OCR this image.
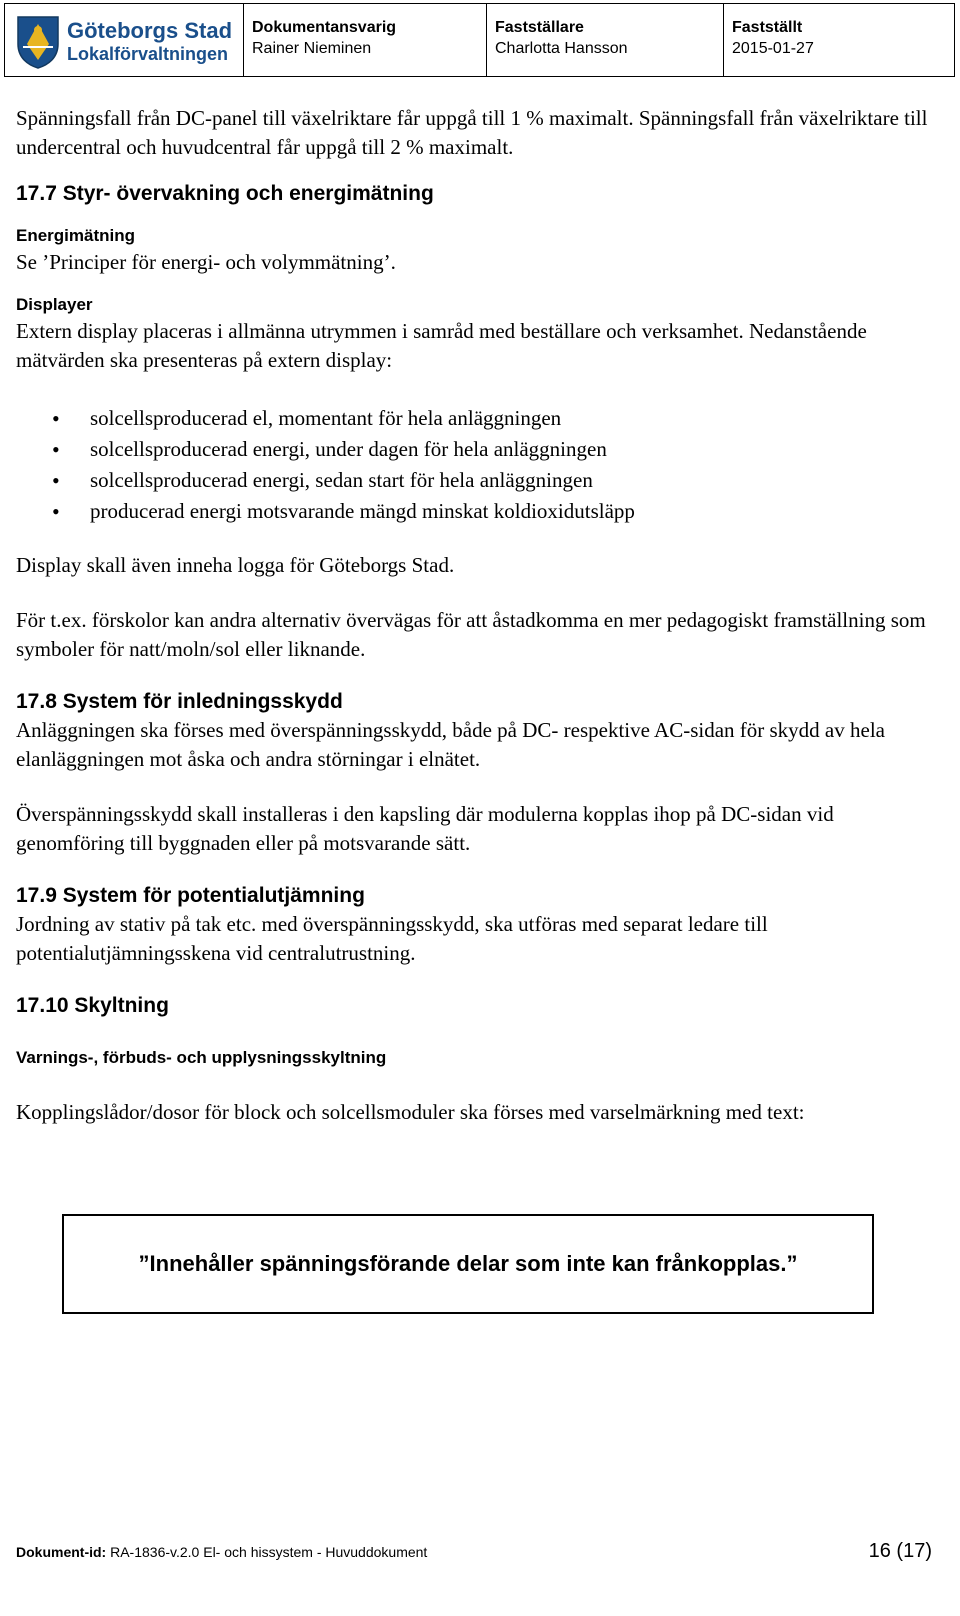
Göteborgs Stad
Lokalförvaltningen
Dokumentansvarig
Rainer Nieminen
Fastställare
Charlotta Hansson
Fastställt
2015-01-27

Spänningsfall från DC-panel till växelriktare får uppgå till 1 % maximalt. Spänningsfall från växelriktare till undercentral och huvudcentral får uppgå till 2 % maximalt.

17.7 Styr- övervakning och energimätning
Energimätning

Se ’Principer för energi- och volymmätning’.

Displayer

Extern display placeras i allmänna utrymmen i samråd med beställare och verksamhet. Nedanstående mätvärden ska presenteras på extern display:

• solcellsproducerad el, momentant för hela anläggningen
• solcellsproducerad energi, under dagen för hela anläggningen
• solcellsproducerad energi, sedan start för hela anläggningen
• producerad energi motsvarande mängd minskat koldioxidutsläpp

Display skall även inneha logga för Göteborgs Stad.

För t.ex. förskolor kan andra alternativ övervägas för att åstadkomma en mer pedagogiskt framställning som symboler för natt/moln/sol eller liknande.

17.8 System för inledningsskydd

Anläggningen ska förses med överspänningsskydd, både på DC- respektive AC-sidan för skydd av hela elanläggningen mot åska och andra störningar i elnätet.

Överspänningsskydd skall installeras i den kapsling där modulerna kopplas ihop på DC-sidan vid genomföring till byggnaden eller på motsvarande sätt.

17.9 System för potentialutjämning

Jordning av stativ på tak etc. med överspänningsskydd, ska utföras med separat ledare till potentialutjämningsskena vid centralutrustning.

17.10 Skyltning
Varnings-, förbuds- och upplysningsskyltning

Kopplingslådor/dosor för block och solcellsmoduler ska förses med varselmärkning med text:

”Innehåller spänningsförande delar som inte kan frånkopplas.”
Dokument-id: RA-1836-v.2.0 El- och hissystem - Huvuddokument	16 (17)
